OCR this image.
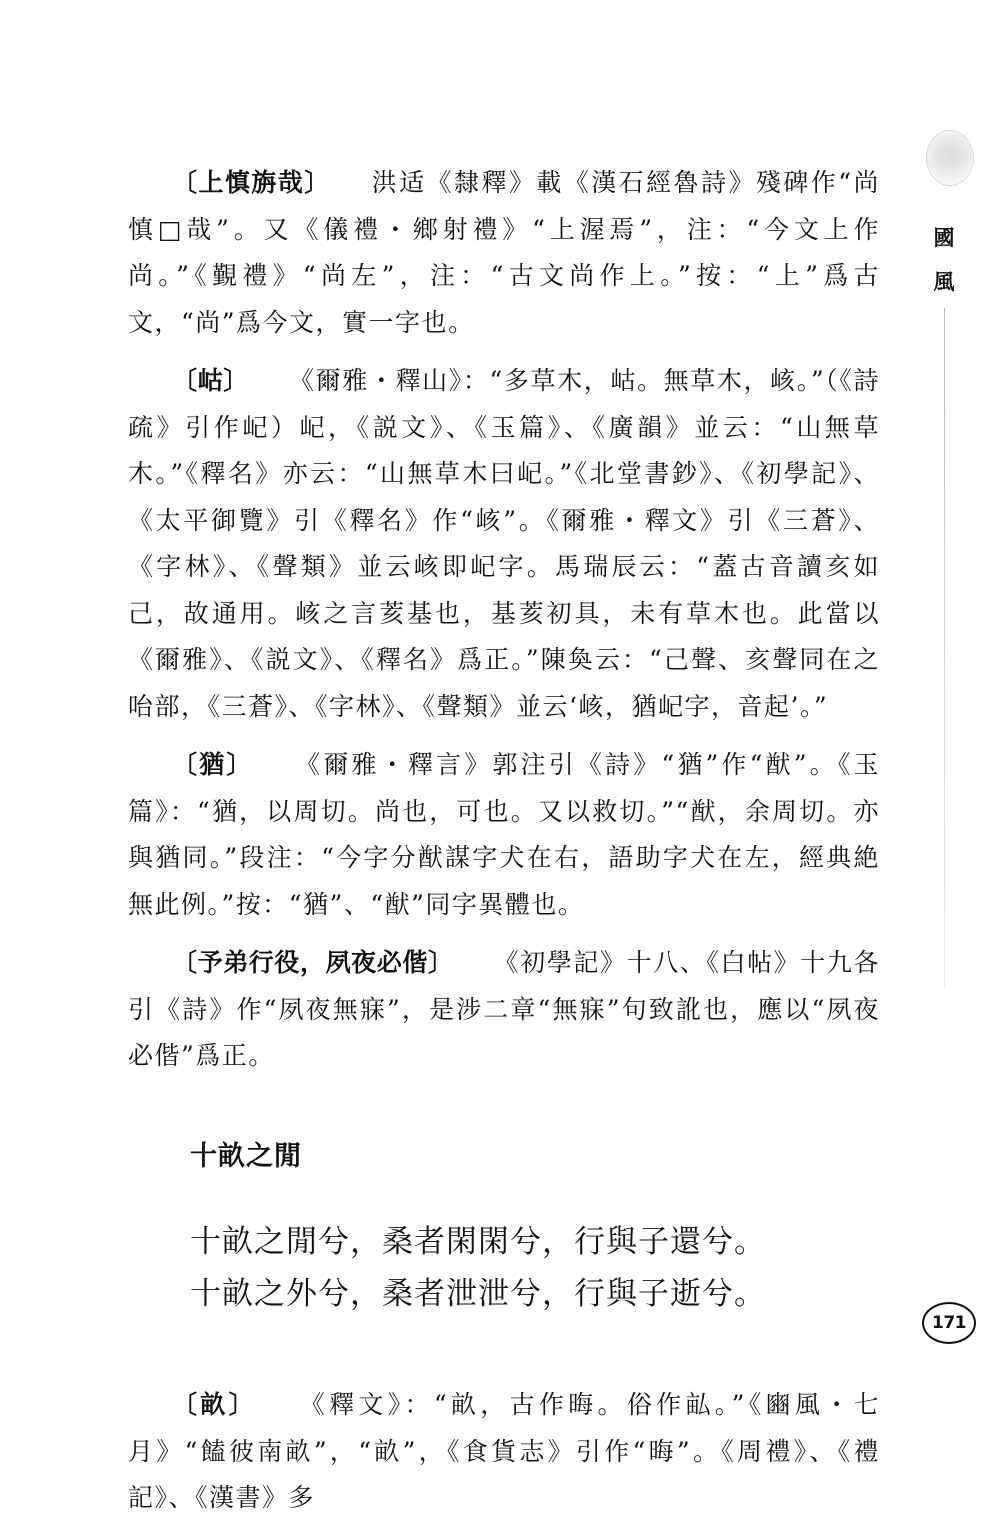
國
風

〔上慎旃哉〕 洪适《隸釋》載《漢石經魯詩》殘碑作“尚慎□哉”。又《儀禮・鄉射禮》“上渥焉”，注：“今文上作尚。”《覲禮》“尚左”，注：“古文尚作上。”按：“上”爲古文，“尚”爲今文，實一字也。

〔岵〕 《爾雅・釋山》：“多草木，岵。無草木，峐。”（《詩疏》引作屺）屺，《説文》、《玉篇》、《廣韻》並云：“山無草木。”《釋名》亦云：“山無草木曰屺。”《北堂書鈔》、《初學記》、《太平御覽》引《釋名》作“峐”。《爾雅・釋文》引《三蒼》、《字林》、《聲類》並云峐即屺字。馬瑞辰云：“蓋古音讀亥如己，故通用。峐之言荄基也，基荄初具，未有草木也。此當以《爾雅》、《説文》、《釋名》爲正。”陳奐云：“己聲、亥聲同在之咍部，《三蒼》、《字林》、《聲類》並云‘峐，猶屺字，音起’。”

〔猶〕 《爾雅・釋言》郭注引《詩》“猶”作“猷”。《玉篇》：“猶，以周切。尚也，可也。又以救切。”“猷，余周切。亦與猶同。”段注：“今字分猷謀字犬在右，語助字犬在左，經典絶無此例。”按：“猶”、“猷”同字異體也。

〔予弟行役，夙夜必偕〕 《初學記》十八、《白帖》十九各引《詩》作“夙夜無寐”，是涉二章“無寐”句致訛也，應以“夙夜必偕”爲正。

十畝之閒
十畝之閒兮，桑者閑閑兮，行與子還兮。
十畝之外兮，桑者泄泄兮，行與子逝兮。

〔畝〕 《釋文》：“畝，古作晦。俗作畆。”《豳風・七月》“饁彼南畝”，“畝”，《食貨志》引作“晦”。《周禮》、《禮記》、《漢書》多

171
